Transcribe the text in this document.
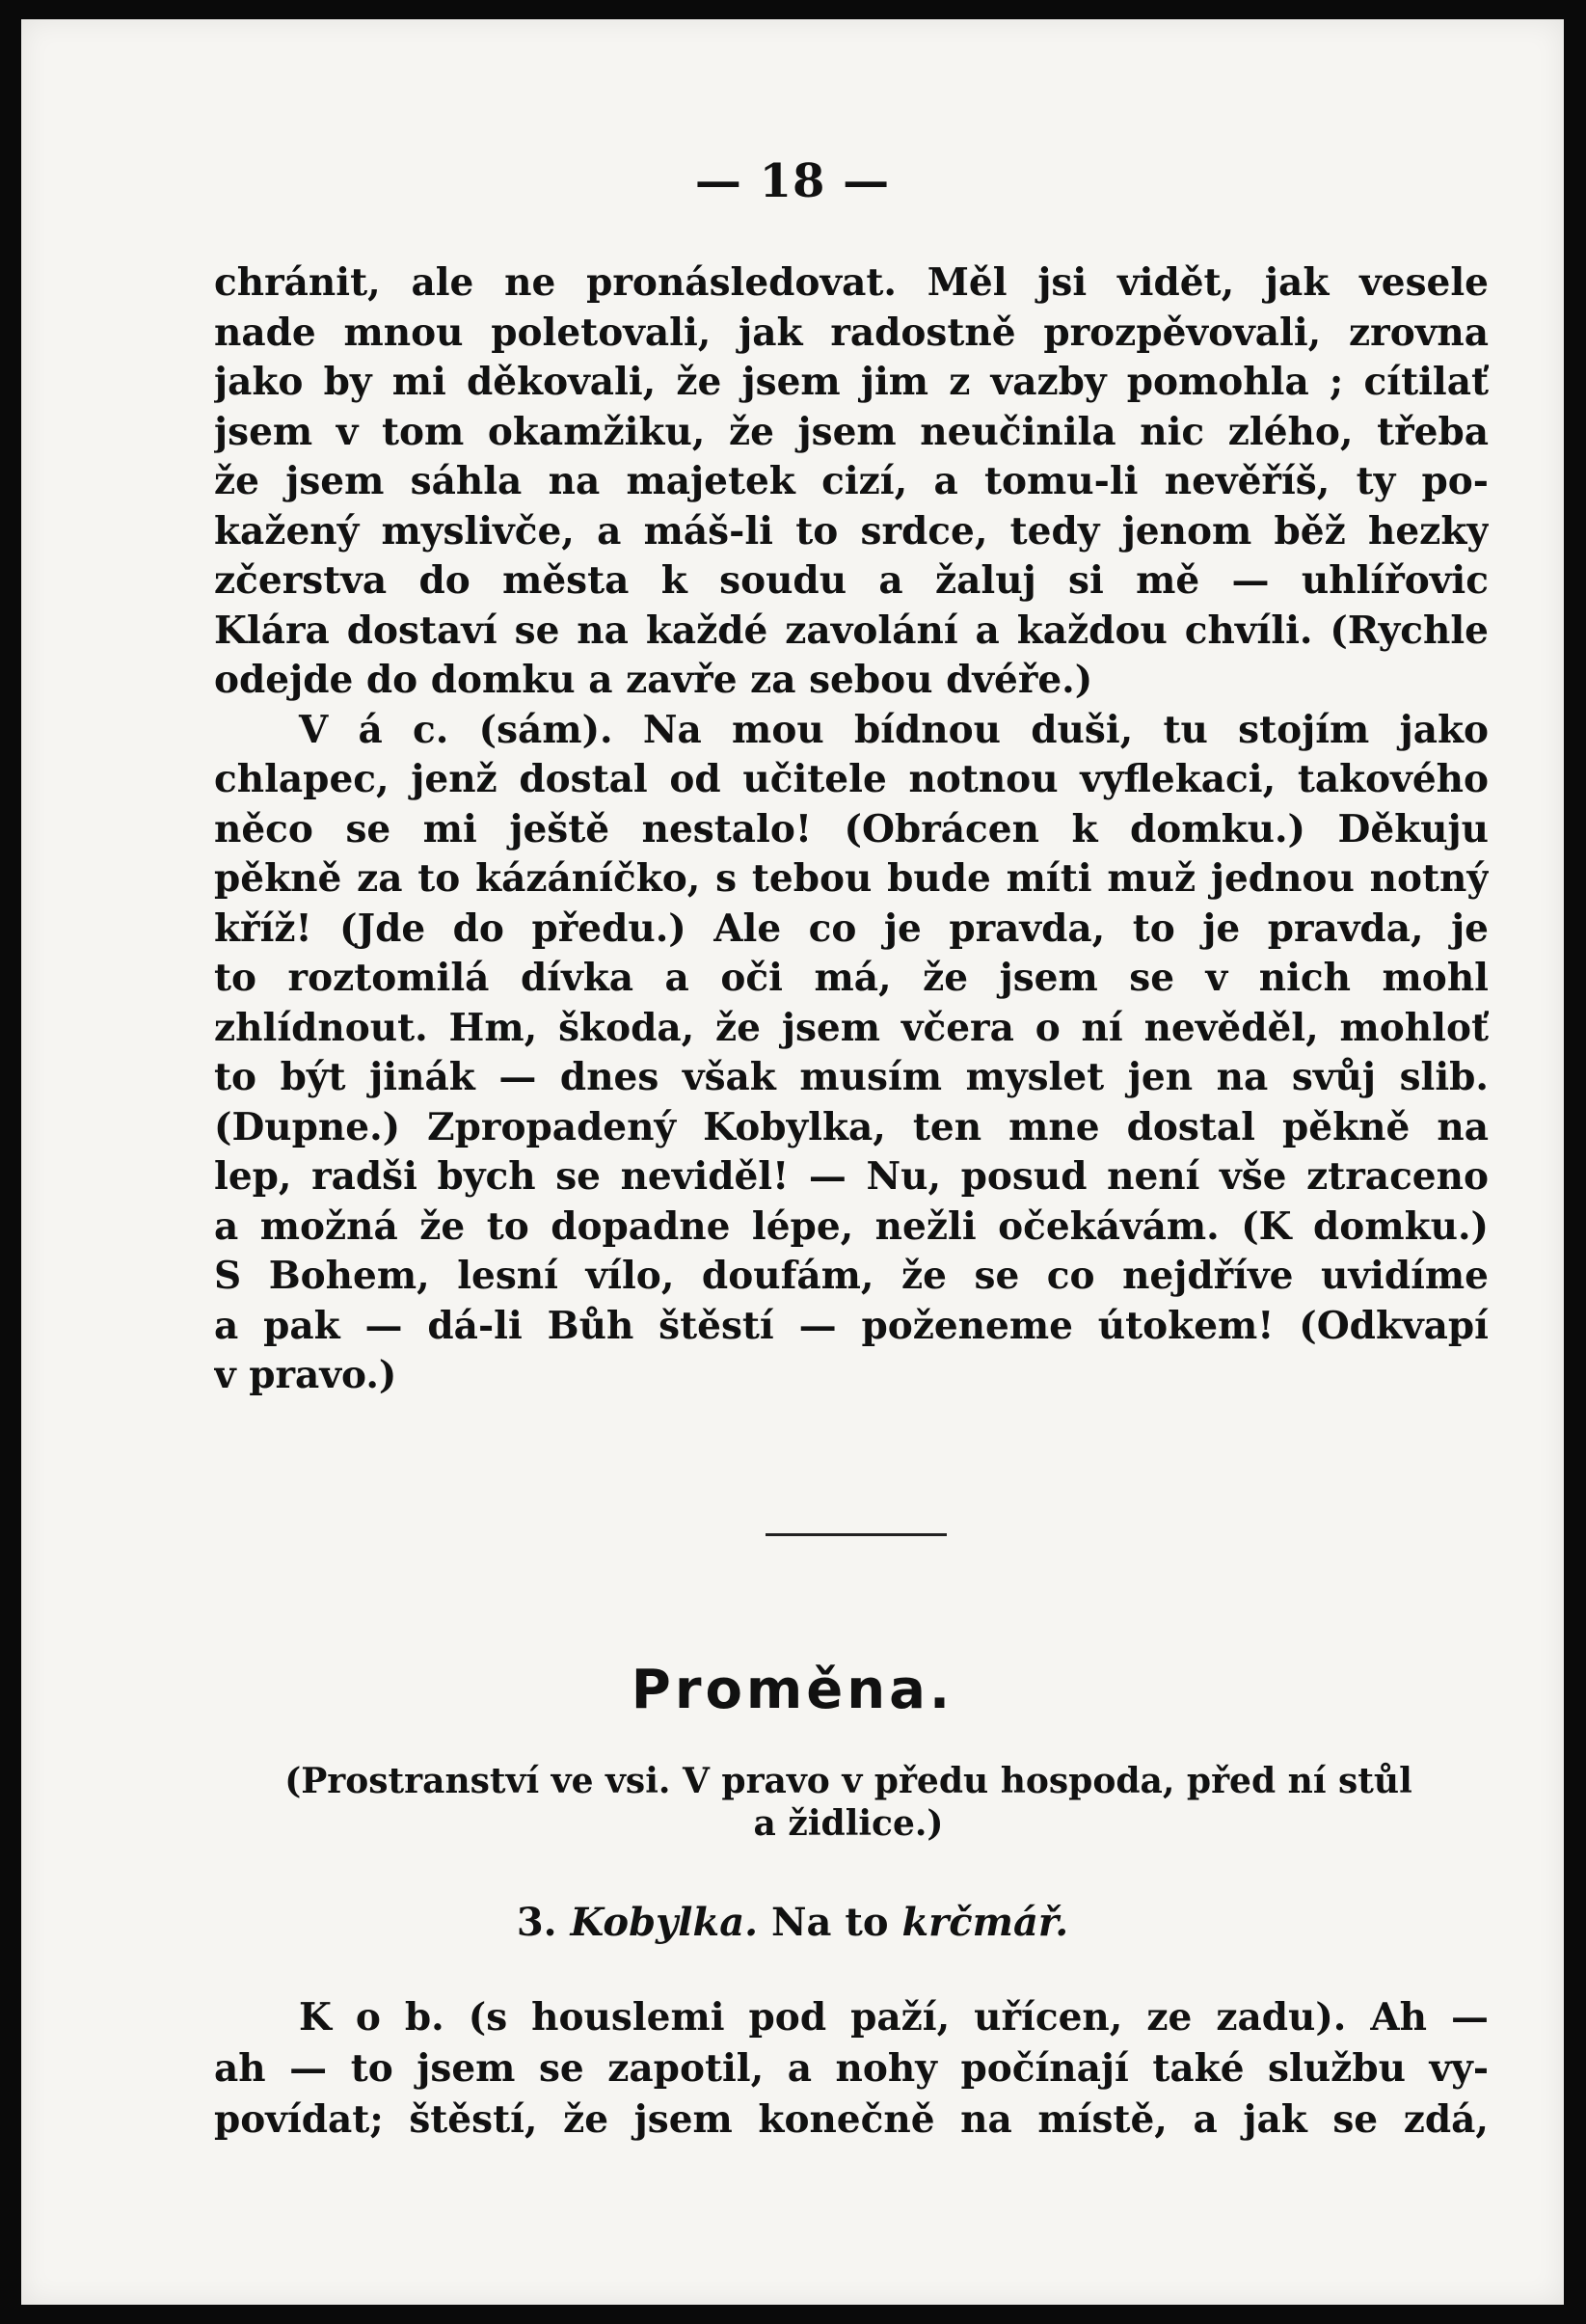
— 18 —
chránit, ale ne pronásledovat. Měl jsi vidět, jak vesele
nade mnou poletovali, jak radostně prozpěvovali, zrovna
jako by mi děkovali, že jsem jim z vazby pomohla ; cítilať
jsem v tom okamžiku, že jsem neučinila nic zlého, třeba
že jsem sáhla na majetek cizí, a tomu-li nevěříš, ty po-
kažený myslivče, a máš-li to srdce, tedy jenom běž hezky
zčerstva do města k soudu a žaluj si mě — uhlířovic
Klára dostaví se na každé zavolání a každou chvíli. (Rychle
odejde do domku a zavře za sebou dvéře.)
V á c. (sám). Na mou bídnou duši, tu stojím jako
chlapec, jenž dostal od učitele notnou vyflekaci, takového
něco se mi ještě nestalo! (Obrácen k domku.) Děkuju
pěkně za to kázáníčko, s tebou bude míti muž jednou notný
kříž! (Jde do předu.) Ale co je pravda, to je pravda, je
to roztomilá dívka a oči má, že jsem se v nich mohl
zhlídnout. Hm, škoda, že jsem včera o ní nevěděl, mohloť
to být jinák — dnes však musím myslet jen na svůj slib.
(Dupne.) Zpropadený Kobylka, ten mne dostal pěkně na
lep, radši bych se neviděl! — Nu, posud není vše ztraceno
a možná že to dopadne lépe, nežli očekávám. (K domku.)
S Bohem, lesní vílo, doufám, že se co nejdříve uvidíme
a pak — dá-li Bůh štěstí — poženeme útokem! (Odkvapí
v pravo.)
Proměna.
(Prostranství ve vsi. V pravo v předu hospoda, před ní stůl a židlice.)
3. Kobylka. Na to krčmář.
K o b. (s houslemi pod paží, uřícen, ze zadu). Ah —
ah — to jsem se zapotil, a nohy počínají také službu vy-
povídat; štěstí, že jsem konečně na místě, a jak se zdá,
